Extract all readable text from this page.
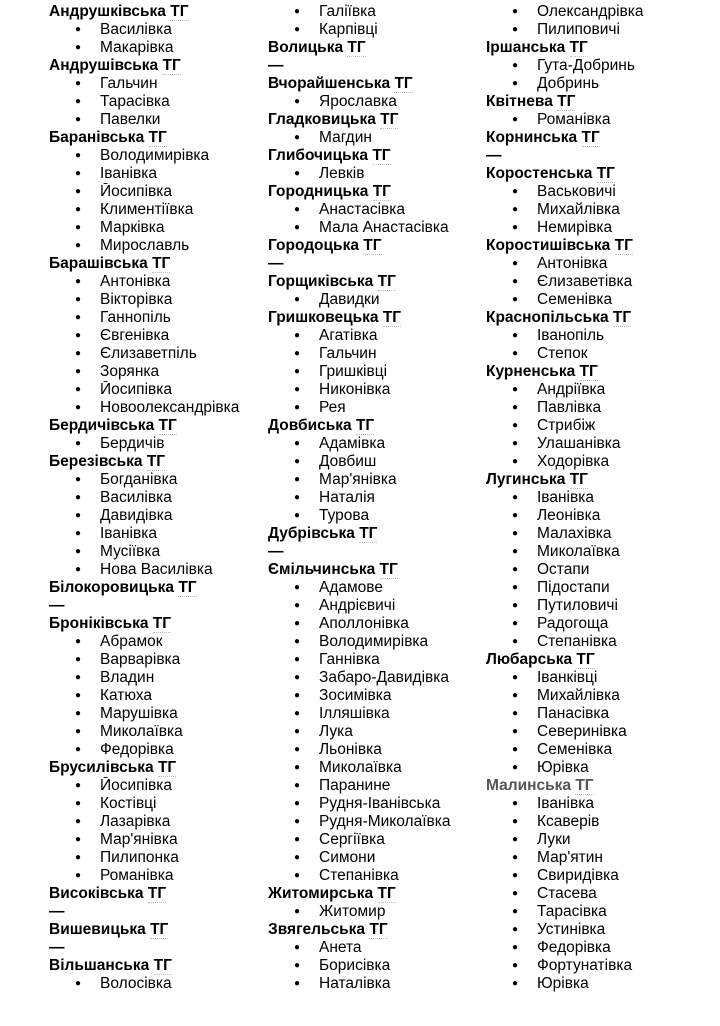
Андрушківська ТГ
● Василівка
● Макарівка
Андрушівська ТГ
● Гальчин
● Тарасівка
● Павелки
Баранівська ТГ
● Володимирівка
● Іванівка
● Йосипівка
● Климентіївка
● Марківка
● Мирославль
Барашівська ТГ
● Антонівка
● Вікторівка
● Ганнопіль
● Євгенівка
● Єлизаветпіль
● Зорянка
● Йосипівка
● Новоолександрівка
Бердичівська ТГ
● Бердичів
Березівська ТГ
● Богданівка
● Василівка
● Давидівка
● Іванівка
● Мусіївка
● Нова Василівка
Білокоровицька ТГ
—
Броніківська ТГ
● Абрамок
● Варварівка
● Владин
● Катюха
● Марушівка
● Миколаївка
● Федорівка
Брусилівська ТГ
● Йосипівка
● Костівці
● Лазарівка
● Мар'янівка
● Пилипонка
● Романівка
Високівська ТГ
—
Вишевицька ТГ
—
Вільшанська ТГ
● Волосівка
● Галіївка
● Карпівці
Волицька ТГ
—
Вчорайшенська ТГ
● Ярославка
Гладковицька ТГ
● Магдин
Глибочицька ТГ
● Левків
Городницька ТГ
● Анастасівка
● Мала Анастасівка
Городоцька ТГ
—
Горщиківська ТГ
● Давидки
Гришковецька ТГ
● Агатівка
● Гальчин
● Гришківці
● Никонівка
● Рея
Довбиська ТГ
● Адамівка
● Довбиш
● Мар'янівка
● Наталія
● Турова
Дубрівська ТГ
—
Ємільчинська ТГ
● Адамове
● Андрієвичі
● Аполлонівка
● Володимирівка
● Ганнівка
● Забаро-Давидівка
● Зосимівка
● Ілляшівка
● Лука
● Льонівка
● Миколаївка
● Паранине
● Рудня-Іванівська
● Рудня-Миколаївка
● Сергіївка
● Симони
● Степанівка
Житомирська ТГ
● Житомир
Звягельська ТГ
● Анета
● Борисівка
● Наталівка
● Олександрівка
● Пилиповичі
Іршанська ТГ
● Гута-Добринь
● Добринь
Квітнева ТГ
● Романівка
Корнинська ТГ
—
Коростенська ТГ
● Васьковичі
● Михайлівка
● Немирівка
Коростишівська ТГ
● Антонівка
● Єлизаветівка
● Семенівка
Краснопільська ТГ
● Іванопіль
● Степок
Курненська ТГ
● Андріївка
● Павлівка
● Стрибіж
● Улашанівка
● Ходорівка
Лугинська ТГ
● Іванівка
● Леонівка
● Малахівка
● Миколаївка
● Остапи
● Підостапи
● Путиловичі
● Радогоща
● Степанівка
Любарська ТГ
● Іванківці
● Михайлівка
● Панасівка
● Северинівка
● Семенівка
● Юрівка
Малинська ТГ
● Іванівка
● Ксаверів
● Луки
● Мар'ятин
● Свиридівка
● Стасева
● Тарасівка
● Устинівка
● Федорівка
● Фортунатівка
● Юрівка
